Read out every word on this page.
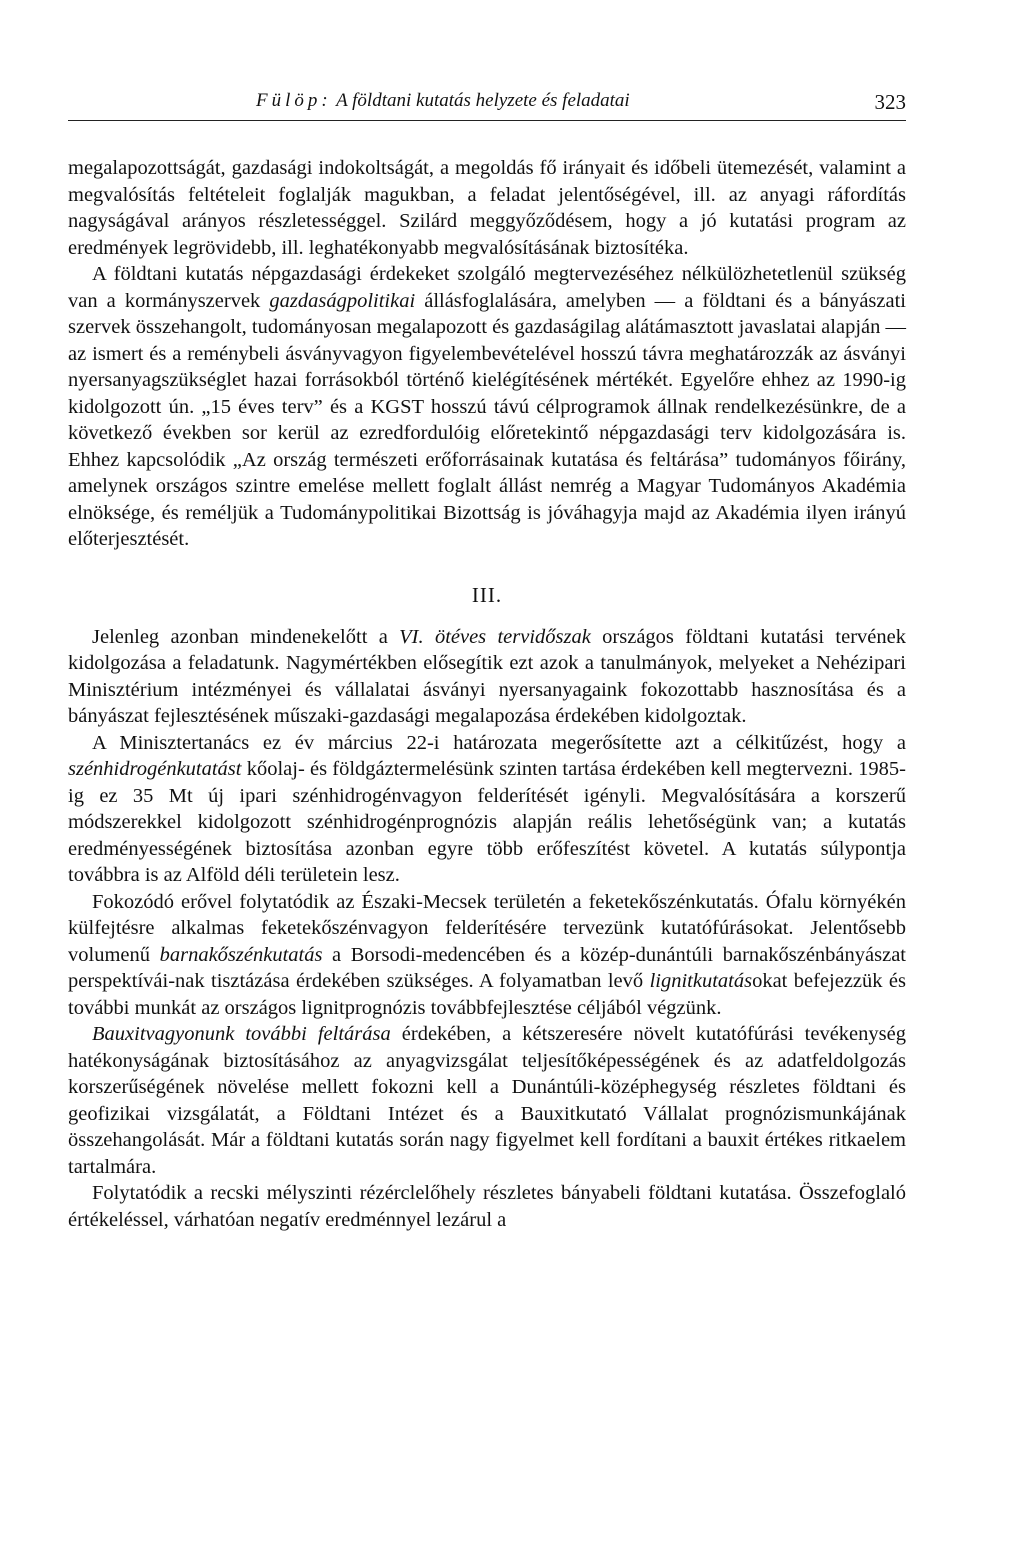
Fülöp: A földtani kutatás helyzete és feladatai	323

megalapozottságát, gazdasági indokoltságát, a megoldás fő irányait és időbeli ütemezését, valamint a megvalósítás feltételeit foglalják magukban, a feladat jelentőségével, ill. az anyagi ráfordítás nagyságával arányos részletességgel. Szilárd meggyőződésem, hogy a jó kutatási program az eredmények legrövidebb, ill. leghatékonyabb megvalósításának biztosítéka.

A földtani kutatás népgazdasági érdekeket szolgáló megtervezéséhez nélkülözhetetlenül szükség van a kormányszervek gazdaságpolitikai állásfoglalására, amelyben — a földtani és a bányászati szervek összehangolt, tudományosan megalapozott és gazdaságilag alátámasztott javaslatai alapján — az ismert és a reménybeli ásványvagyon figyelembevételével hosszú távra meghatározzák az ásványi nyersanyagszükséglet hazai forrásokból történő kielégítésének mértékét. Egyelőre ehhez az 1990-ig kidolgozott ún. „15 éves terv” és a KGST hosszú távú célprogramok állnak rendelkezésünkre, de a következő években sor kerül az ezredfordulóig előretekintő népgazdasági terv kidolgozására is. Ehhez kapcsolódik „Az ország természeti erőforrásainak kutatása és feltárása” tudományos főirány, amelynek országos szintre emelése mellett foglalt állást nemrég a Magyar Tudományos Akadémia elnöksége, és reméljük a Tudománypolitikai Bizottság is jóváhagyja majd az Akadémia ilyen irányú előterjesztését.

III.

Jelenleg azonban mindenekelőtt a VI. ötéves tervidőszak országos földtani kutatási tervének kidolgozása a feladatunk. Nagymértékben elősegítik ezt azok a tanulmányok, melyeket a Nehézipari Minisztérium intézményei és vállalatai ásványi nyersanyagaink fokozottabb hasznosítása és a bányászat fejlesztésének műszaki-gazdasági megalapozása érdekében kidolgoztak.

A Minisztertanács ez év március 22-i határozata megerősítette azt a célkitűzést, hogy a szénhidrogénkutatást kőolaj- és földgáztermelésünk szinten tartása érdekében kell megtervezni. 1985-ig ez 35 Mt új ipari szénhidrogénvagyon felderítését igényli. Megvalósítására a korszerű módszerekkel kidolgozott szénhidrogénprognózis alapján reális lehetőségünk van; a kutatás eredményességének biztosítása azonban egyre több erőfeszítést követel. A kutatás súlypontja továbbra is az Alföld déli területein lesz.

Fokozódó erővel folytatódik az Északi-Mecsek területén a feketekőszénkutatás. Ófalu környékén külfejtésre alkalmas feketekőszénvagyon felderítésére tervezünk kutatófúrásokat. Jelentősebb volumenű barnakőszénkutatás a Borsodi-medencében és a közép-dunántúli barnakőszénbányászat perspektívái-nak tisztázása érdekében szükséges. A folyamatban levő lignitkutatásokat befejezzük és további munkát az országos lignitprognózis továbbfejlesztése céljából végzünk.

Bauxitvagyonunk további feltárása érdekében, a kétszeresére növelt kutatófúrási tevékenység hatékonyságának biztosításához az anyagvizsgálat teljesítőképességének és az adatfeldolgozás korszerűségének növelése mellett fokozni kell a Dunántúli-középhegység részletes földtani és geofizikai vizsgálatát, a Földtani Intézet és a Bauxitkutató Vállalat prognózismunkájának összehangolását. Már a földtani kutatás során nagy figyelmet kell fordítani a bauxit értékes ritkaelem tartalmára.

Folytatódik a recski mélyszinti rézérclelőhely részletes bányabeli földtani kutatása. Összefoglaló értékeléssel, várhatóan negatív eredménnyel lezárul a
